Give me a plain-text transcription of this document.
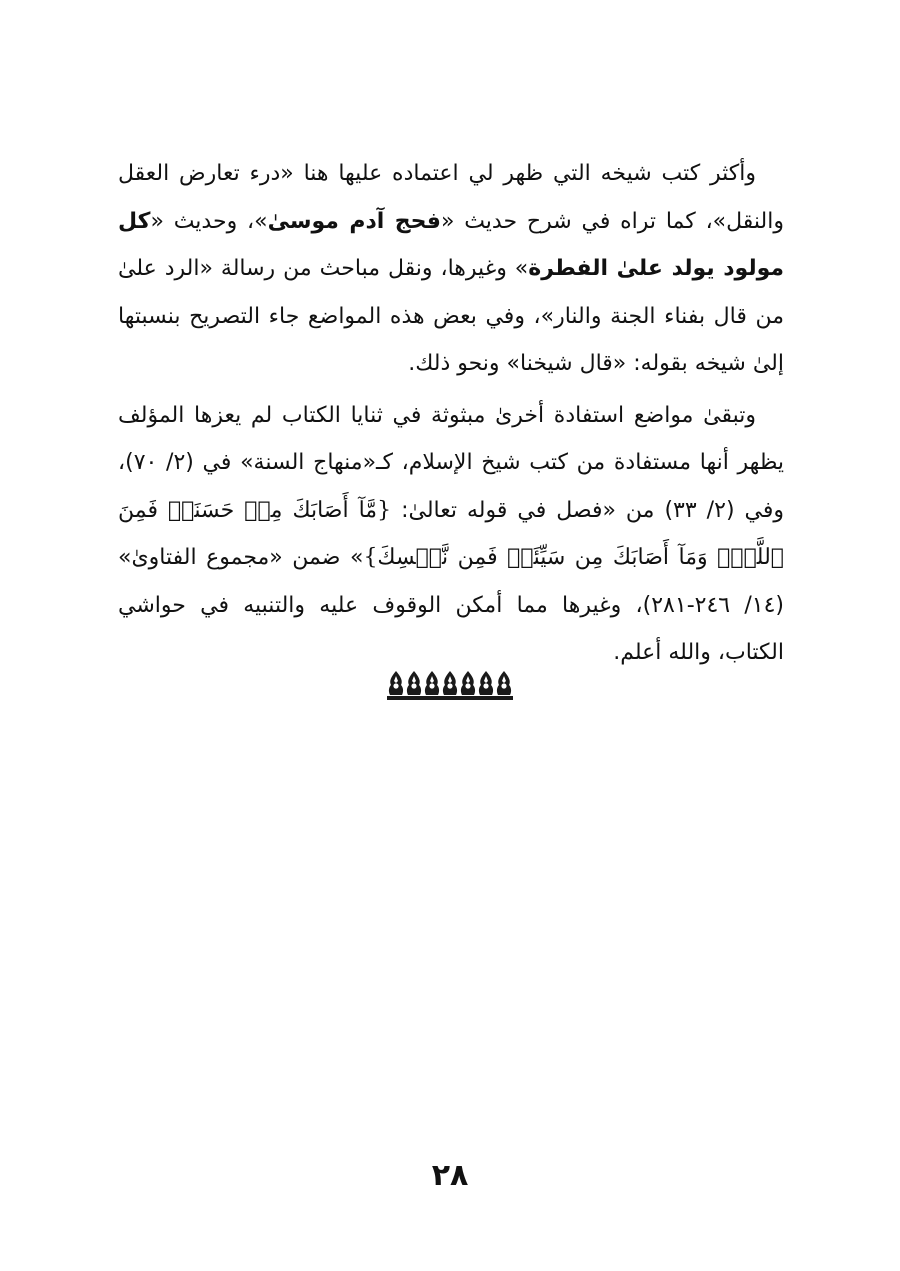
وأكثر كتب شيخه التي ظهر لي اعتماده عليها هنا «درء تعارض العقل والنقل»، كما تراه في شرح حديث «فحج آدم موسىٰ»، وحديث «كل مولود يولد علىٰ الفطرة» وغيرها، ونقل مباحث من رسالة «الرد علىٰ من قال بفناء الجنة والنار»، وفي بعض هذه المواضع جاء التصريح بنسبتها إلىٰ شيخه بقوله: «قال شيخنا» ونحو ذلك.

وتبقىٰ مواضع استفادة أخرىٰ مبثوثة في ثنايا الكتاب لم يعزها المؤلف يظهر أنها مستفادة من كتب شيخ الإسلام، كـ«منهاج السنة» في (٢/ ٧٠)، وفي (٢/ ٣٣) من «فصل في قوله تعالىٰ: {مَّآ أَصَابَكَ مِنۡ حَسَنَةٖ فَمِنَ ٱللَّهِۖ وَمَآ أَصَابَكَ مِن سَيِّئَةٖ فَمِن نَّفۡسِكَ}» ضمن «مجموع الفتاوىٰ» (١٤/ ٢٤٦-٢٨١)، وغيرها مما أمكن الوقوف عليه والتنبيه في حواشي الكتاب، والله أعلم.

٢٨
